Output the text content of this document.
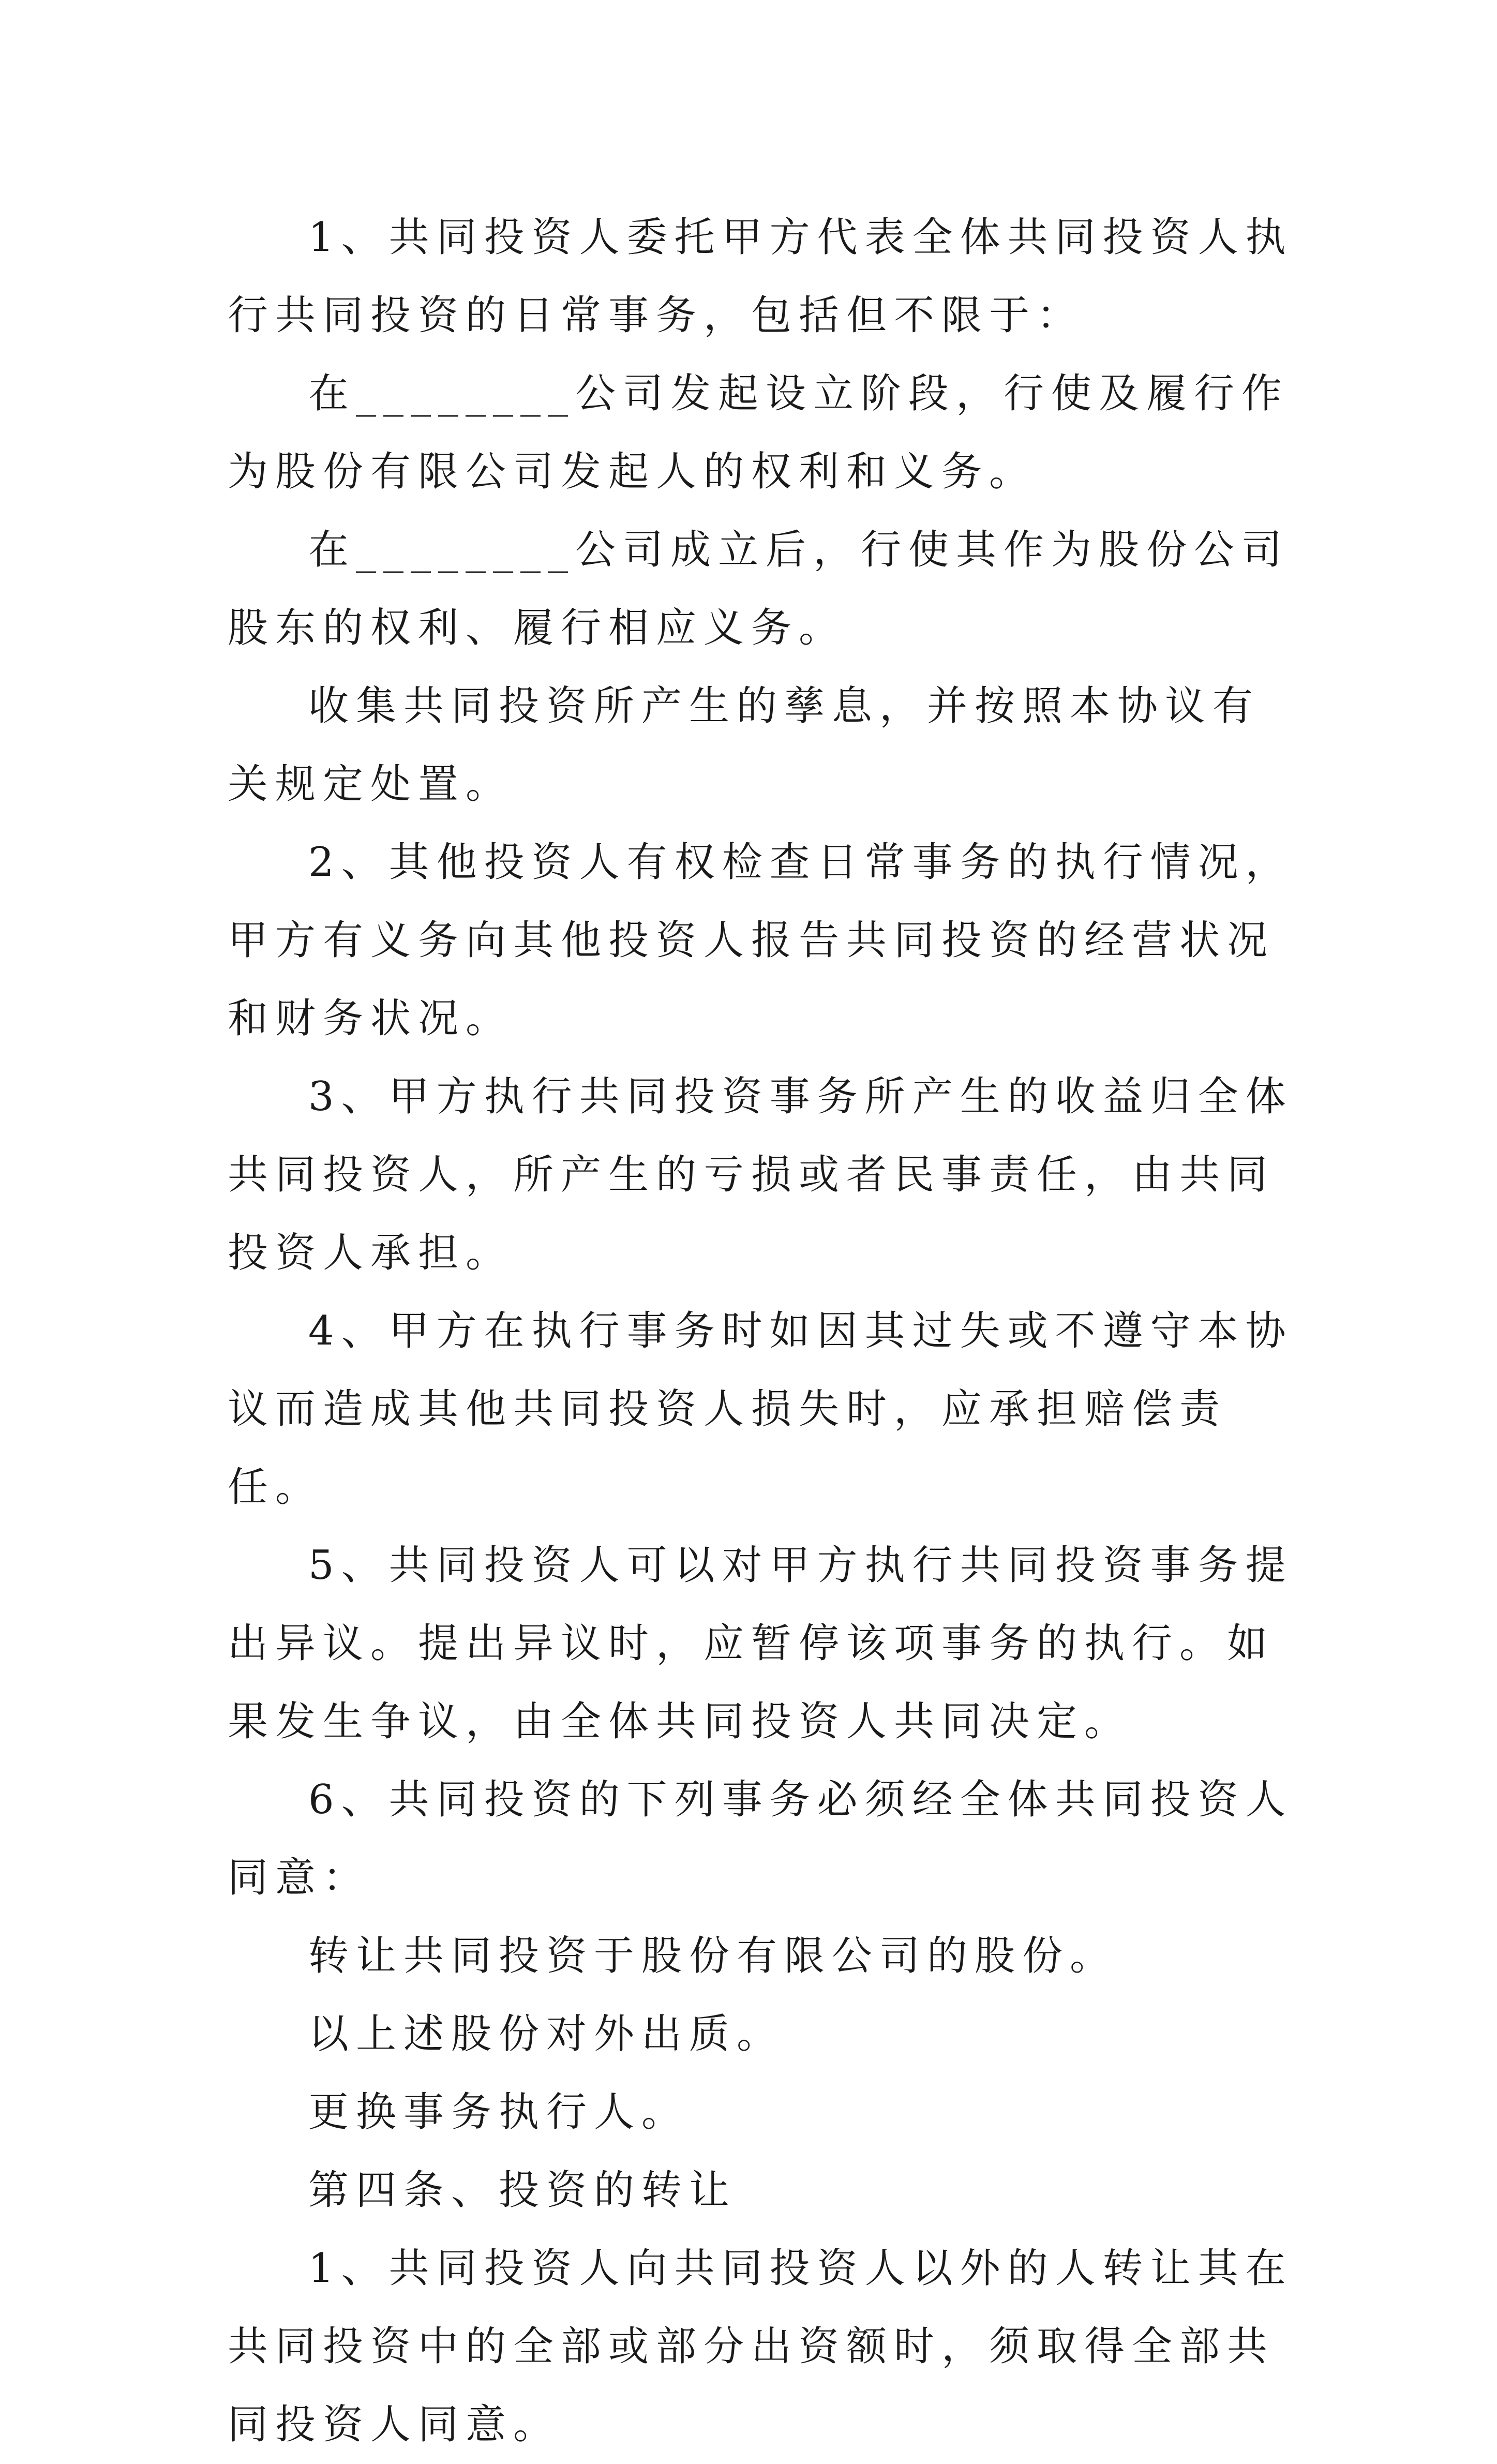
1、共同投资人委托甲方代表全体共同投资人执行共同投资的日常事务，包括但不限于：

在________公司发起设立阶段，行使及履行作为股份有限公司发起人的权利和义务。

在________公司成立后，行使其作为股份公司股东的权利、履行相应义务。

收集共同投资所产生的孳息，并按照本协议有关规定处置。

2、其他投资人有权检查日常事务的执行情况，甲方有义务向其他投资人报告共同投资的经营状况和财务状况。

3、甲方执行共同投资事务所产生的收益归全体共同投资人，所产生的亏损或者民事责任，由共同投资人承担。

4、甲方在执行事务时如因其过失或不遵守本协议而造成其他共同投资人损失时，应承担赔偿责任。

5、共同投资人可以对甲方执行共同投资事务提出异议。提出异议时，应暂停该项事务的执行。如果发生争议，由全体共同投资人共同决定。

6、共同投资的下列事务必须经全体共同投资人同意：

转让共同投资于股份有限公司的股份。

以上述股份对外出质。

更换事务执行人。

第四条、投资的转让

1、共同投资人向共同投资人以外的人转让其在共同投资中的全部或部分出资额时，须取得全部共同投资人同意。
